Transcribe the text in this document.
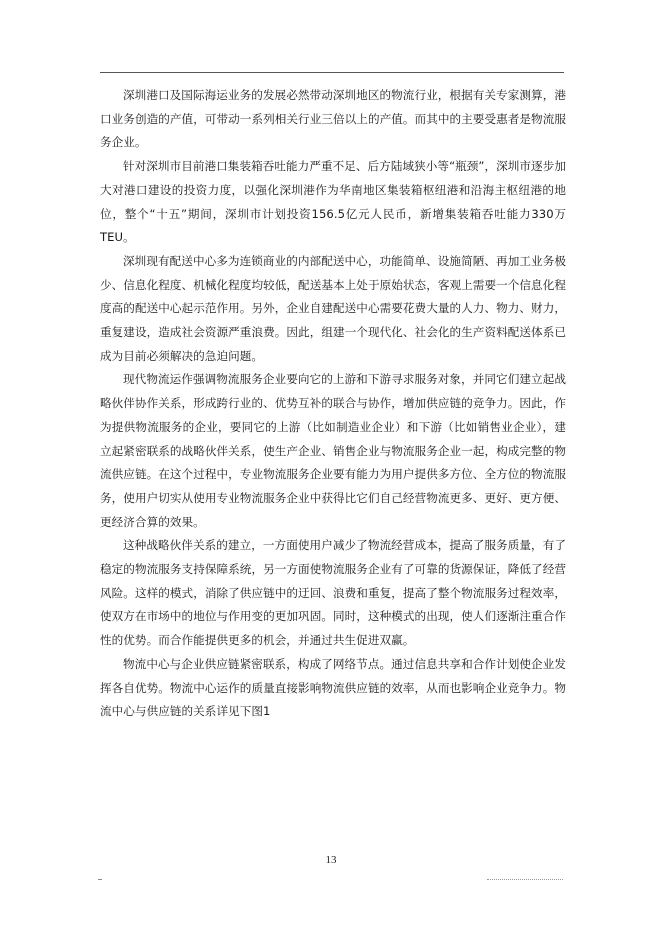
深圳港口及国际海运业务的发展必然带动深圳地区的物流行业，根据有关专家测算，港口业务创造的产值，可带动一系列相关行业三倍以上的产值。而其中的主要受惠者是物流服务企业。

针对深圳市目前港口集装箱吞吐能力严重不足、后方陆域狭小等“瓶颈”，深圳市逐步加大对港口建设的投资力度，以强化深圳港作为华南地区集装箱枢纽港和沿海主枢纽港的地位，整个“十五”期间，深圳市计划投资156.5亿元人民币，新增集装箱吞吐能力330万TEU。

深圳现有配送中心多为连锁商业的内部配送中心，功能简单、设施简陋、再加工业务极少、信息化程度、机械化程度均较低，配送基本上处于原始状态，客观上需要一个信息化程度高的配送中心起示范作用。另外，企业自建配送中心需要花费大量的人力、物力、财力，重复建设，造成社会资源严重浪费。因此，组建一个现代化、社会化的生产资料配送体系已成为目前必须解决的急迫问题。

现代物流运作强调物流服务企业要向它的上游和下游寻求服务对象，并同它们建立起战略伙伴协作关系，形成跨行业的、优势互补的联合与协作，增加供应链的竞争力。因此，作为提供物流服务的企业，要同它的上游（比如制造业企业）和下游（比如销售业企业），建立起紧密联系的战略伙伴关系，使生产企业、销售企业与物流服务企业一起，构成完整的物流供应链。在这个过程中，专业物流服务企业要有能力为用户提供多方位、全方位的物流服务，使用户切实从使用专业物流服务企业中获得比它们自己经营物流更多、更好、更方便、更经济合算的效果。

这种战略伙伴关系的建立，一方面使用户减少了物流经营成本，提高了服务质量，有了稳定的物流服务支持保障系统，另一方面使物流服务企业有了可靠的货源保证，降低了经营风险。这样的模式，消除了供应链中的迂回、浪费和重复，提高了整个物流服务过程效率，使双方在市场中的地位与作用变的更加巩固。同时，这种模式的出现，使人们逐渐注重合作性的优势。而合作能提供更多的机会，并通过共生促进双赢。

物流中心与企业供应链紧密联系，构成了网络节点。通过信息共享和合作计划使企业发挥各自优势。物流中心运作的质量直接影响物流供应链的效率，从而也影响企业竞争力。物流中心与供应链的关系详见下图1

13
